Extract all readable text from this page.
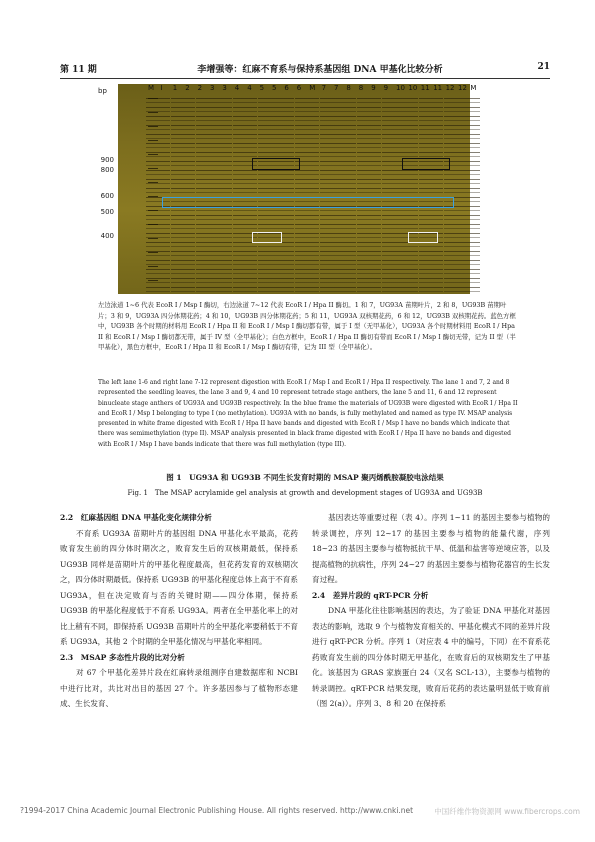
第 11 期	李增强等：红麻不育系与保持系基因组 DNA 甲基化比较分析	21
bp
900
800
600
500
400
M I 1 2 2 3 3 4 4 5 5 6 6 M 7 7 8 8 9 9 10 10 11 11 12 12 M
左边泳道 1~6 代表 EcoR I / Msp I 酶切，右边泳道 7~12 代表 EcoR I / Hpa II 酶切。1 和 7，UG93A 苗期叶片，2 和 8，UG93B 苗期叶片；3 和 9，UG93A 四分体期花药；4 和 10，UG93B 四分体期花药；5 和 11，UG93A 双核期花药，6 和 12，UG93B 双核期花药。蓝色方框中，UG93B 各个时期的材料用 EcoR I / Hpa II 和 EcoR I / Msp I 酶切都有带，属于 I 型（无甲基化），UG93A 各个时期材料用 EcoR I / Hpa II 和 EcoR I / Msp I 酶切都无带，属于 IV 型（全甲基化）；白色方框中，EcoR I / Hpa II 酶切有带而 EcoR I / Msp I 酶切无带，记为 II 型（半甲基化），黑色方框中，EcoR I / Hpa II 和 EcoR I / Msp I 酶切有带，记为 III 型（全甲基化）。
The left lane 1-6 and right lane 7-12 represent digestion with EcoR I / Msp I and EcoR I / Hpa II respectively. The lane 1 and 7, 2 and 8 represented the seedling leaves, the lane 3 and 9, 4 and 10 represent tetrade stage anthers, the lane 5 and 11, 6 and 12 represent binucleate stage anthers of UG93A and UG93B respectively. In the blue frame the materials of UG93B were digested with EcoR I / Hpa II and EcoR I / Msp I belonging to type I (no methylation). UG93A with no bands, is fully methylated and named as type IV. MSAP analysis presented in white frame digested with EcoR I / Hpa II have bands and digested with EcoR I / Msp I have no bands which indicate that there was semimethylation (type II). MSAP analysis presented in black frame digested with EcoR I / Hpa II have no bands and digested with EcoR I / Msp I have bands indicate that there was full methylation (type III).
图 1　UG93A 和 UG93B 不同生长发育时期的 MSAP 聚丙烯酰胺凝胶电泳结果
Fig. 1　The MSAP acrylamide gel analysis at growth and development stages of UG93A and UG93B

2.2　红麻基因组 DNA 甲基化变化规律分析

不育系 UG93A 苗期叶片的基因组 DNA 甲基化水平最高，花药败育发生前的四分体时期次之，败育发生后的双核期最低，保持系 UG93B 同样是苗期叶片的甲基化程度最高，但花药发育的双核期次之，四分体时期最低。保持系 UG93B 的甲基化程度总体上高于不育系 UG93A，但在决定败育与否的关键时期——四分体期，保持系 UG93B 的甲基化程度低于不育系 UG93A。两者在全甲基化率上的对比上稍有不同，即保持系 UG93B 苗期叶片的全甲基化率要稍低于不育系 UG93A，其他 2 个时期的全甲基化情况与甲基化率相同。

2.3　MSAP 多态性片段的比对分析

对 67 个甲基化差异片段在红麻转录组测序自建数据库和 NCBI 中进行比对，共比对出目的基因 27 个。许多基因参与了植物形态建成、生长发育、

基因表达等重要过程（表 4）。序列 1~11 的基因主要参与植物的转录调控，序列 12~17 的基因主要参与植物的能量代谢，序列 18~23 的基因主要参与植物抵抗干旱、低温和盐害等逆境应答，以及提高植物的抗病性，序列 24~27 的基因主要参与植物花器官的生长发育过程。

2.4　差异片段的 qRT-PCR 分析

DNA 甲基化往往影响基因的表达，为了验证 DNA 甲基化对基因表达的影响，选取 9 个与植物发育相关的、甲基化模式不同的差异片段进行 qRT-PCR 分析。序列 1（对应表 4 中的编号，下同）在不育系花药败育发生前的四分体时期无甲基化，在败育后的双核期发生了甲基化。该基因为 GRAS 家族蛋白 24（又名 SCL-13），主要参与植物的转录调控。qRT-PCR 结果发现，败育后花药的表达量明显低于败育前（图 2(a)）。序列 3、8 和 20 在保持系

?1994-2017 China Academic Journal Electronic Publishing House. All rights reserved. http://www.cnki.net	中国纤维作物资源网 www.fibercrops.com
